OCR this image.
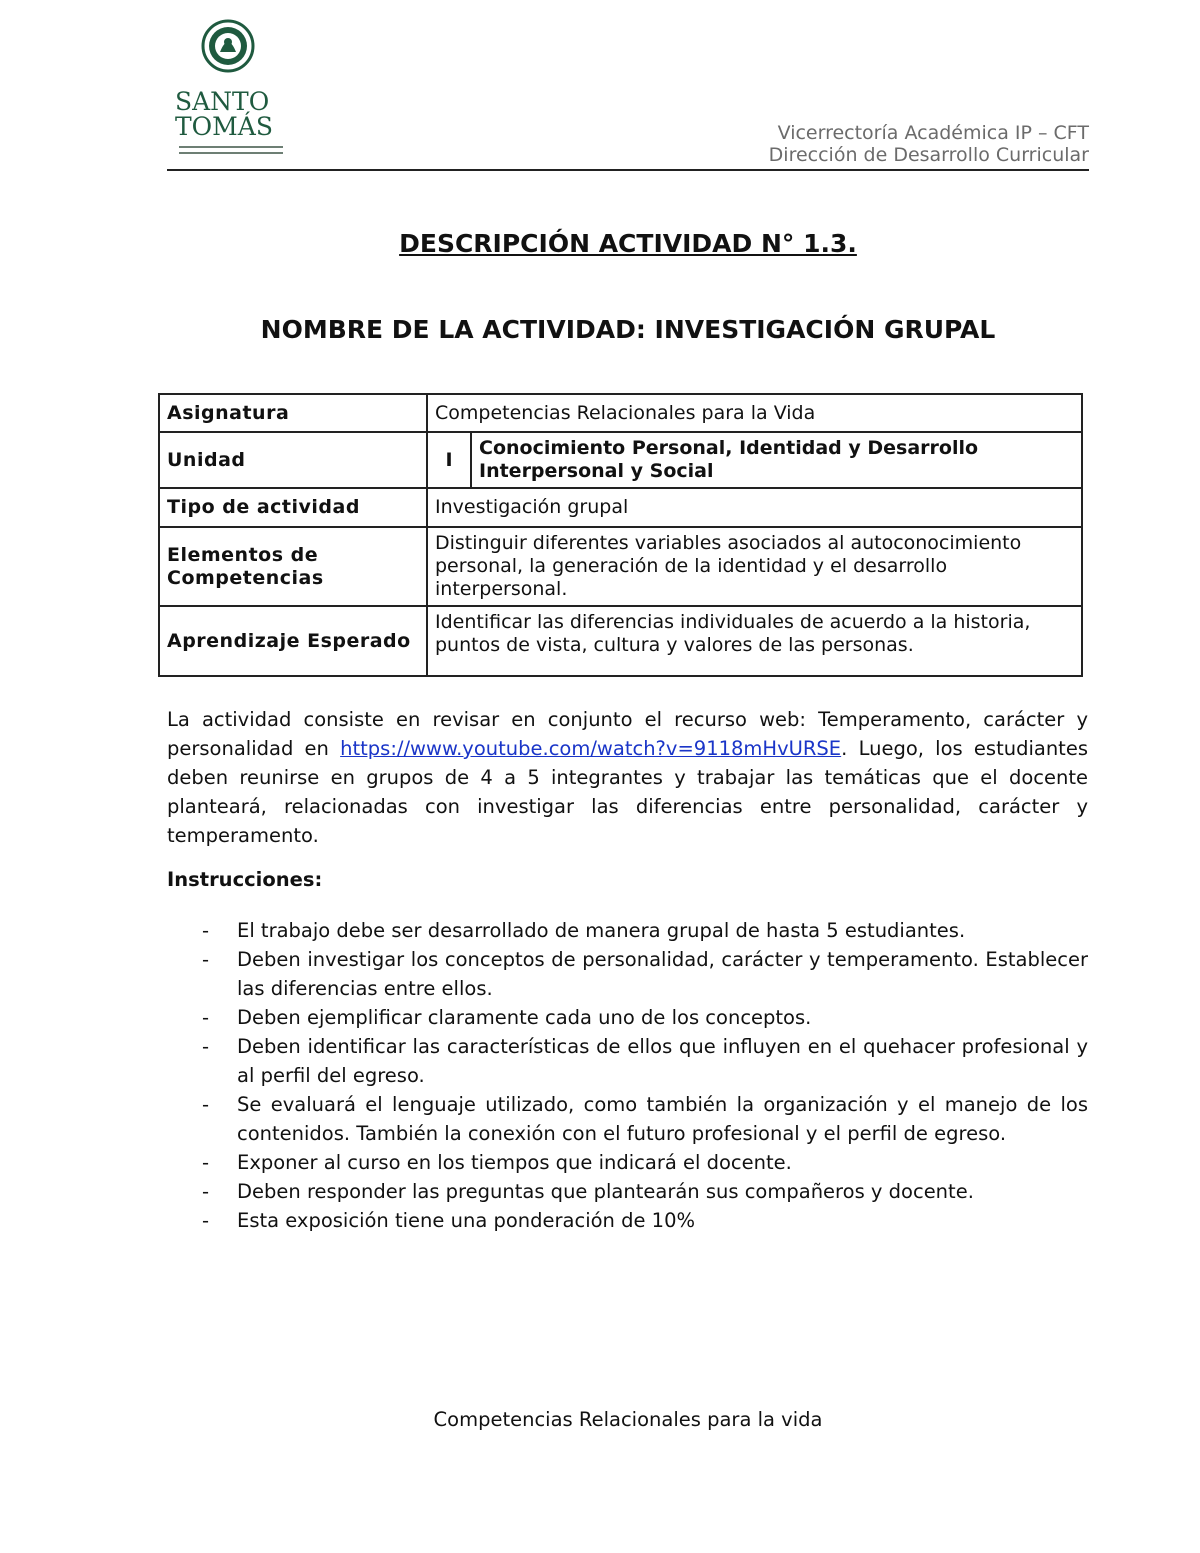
SANTO
TOMÁS	Vicerrectoría Académica IP – CFT
Dirección de Desarrollo Curricular
DESCRIPCIÓN ACTIVIDAD N° 1.3.
NOMBRE DE LA ACTIVIDAD: INVESTIGACIÓN GRUPAL
Asignatura	Competencias Relacionales para la Vida	
Unidad	I	Conocimiento Personal, Identidad y Desarrollo Interpersonal y Social
Tipo de actividad	Investigación grupal	
Elementos de Competencias	Distinguir diferentes variables asociados al autoconocimiento personal, la generación de la identidad y el desarrollo interpersonal.	
Aprendizaje Esperado	Identificar las diferencias individuales de acuerdo a la historia, puntos de vista, cultura y valores de las personas.	
La actividad consiste en revisar en conjunto el recurso web: Temperamento, carácter y personalidad en https://www.youtube.com/watch?v=9118mHvURSE. Luego, los estudiantes deben reunirse en grupos de 4 a 5 integrantes y trabajar las temáticas que el docente planteará, relacionadas con investigar las diferencias entre personalidad, carácter y temperamento.
Instrucciones:
- El trabajo debe ser desarrollado de manera grupal de hasta 5 estudiantes.
- Deben investigar los conceptos de personalidad, carácter y temperamento. Establecer las diferencias entre ellos.
- Deben ejemplificar claramente cada uno de los conceptos.
- Deben identificar las características de ellos que influyen en el quehacer profesional y al perfil del egreso.
- Se evaluará el lenguaje utilizado, como también la organización y el manejo de los contenidos. También la conexión con el futuro profesional y el perfil de egreso.
- Exponer al curso en los tiempos que indicará el docente.
- Deben responder las preguntas que plantearán sus compañeros y docente.
- Esta exposición tiene una ponderación de 10%
Competencias Relacionales para la vida
